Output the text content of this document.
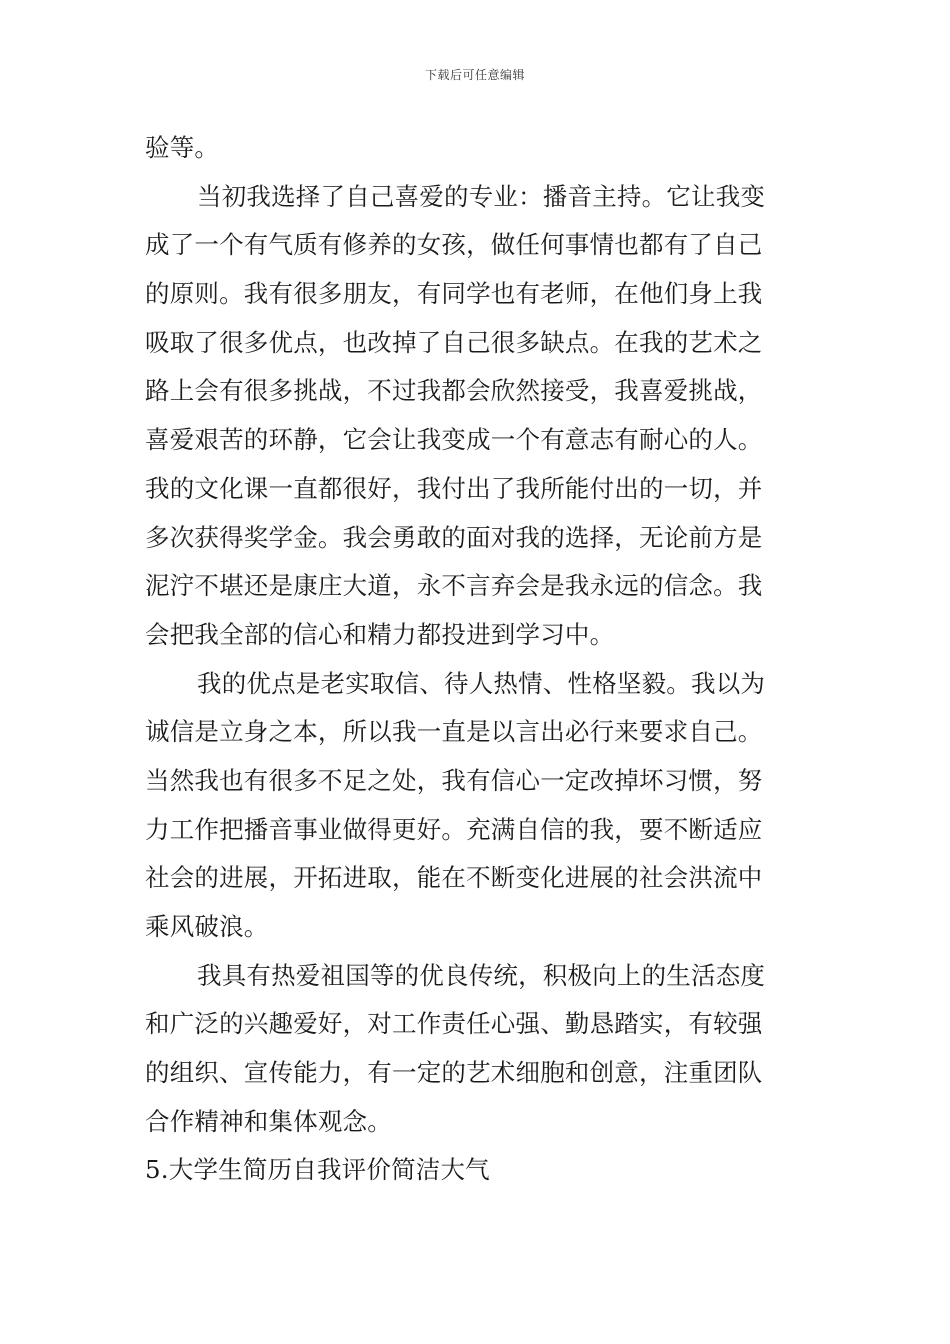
下载后可任意编辑
验等。
当初我选择了自己喜爱的专业：播音主持。它让我变
成了一个有气质有修养的女孩，做任何事情也都有了自己
的原则。我有很多朋友，有同学也有老师，在他们身上我
吸取了很多优点，也改掉了自己很多缺点。在我的艺术之
路上会有很多挑战，不过我都会欣然接受，我喜爱挑战，
喜爱艰苦的环静，它会让我变成一个有意志有耐心的人。
我的文化课一直都很好，我付出了我所能付出的一切，并
多次获得奖学金。我会勇敢的面对我的选择，无论前方是
泥泞不堪还是康庄大道，永不言弃会是我永远的信念。我
会把我全部的信心和精力都投进到学习中。
我的优点是老实取信、待人热情、性格坚毅。我以为
诚信是立身之本，所以我一直是以言出必行来要求自己。
当然我也有很多不足之处，我有信心一定改掉坏习惯，努
力工作把播音事业做得更好。充满自信的我，要不断适应
社会的进展，开拓进取，能在不断变化进展的社会洪流中
乘风破浪。
我具有热爱祖国等的优良传统，积极向上的生活态度
和广泛的兴趣爱好，对工作责任心强、勤恳踏实，有较强
的组织、宣传能力，有一定的艺术细胞和创意，注重团队
合作精神和集体观念。
5.大学生简历自我评价简洁大气
